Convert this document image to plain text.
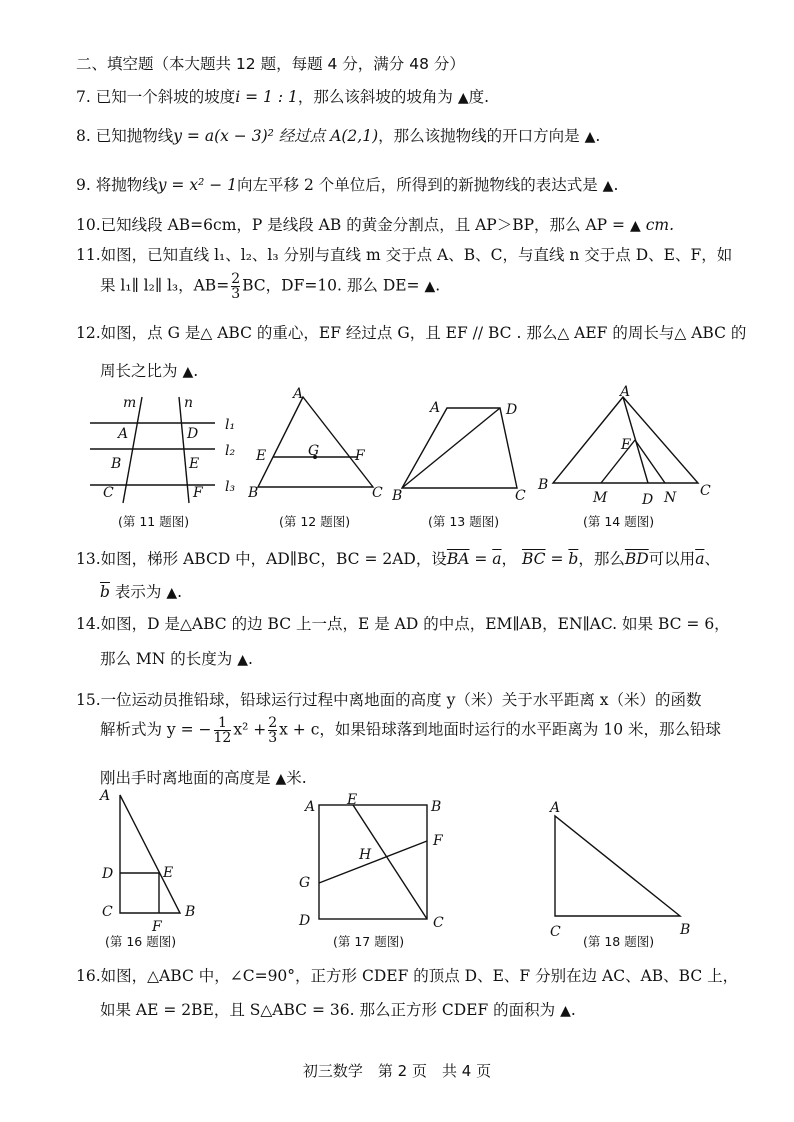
二、填空题（本大题共 12 题，每题 4 分，满分 48 分）
7. 已知一个斜坡的坡度i = 1 : 1，那么该斜坡的坡角为 ▲度.
8. 已知抛物线y = a(x − 3)² 经过点 A(2,1)，那么该抛物线的开口方向是 ▲.
9. 将抛物线y = x² − 1向左平移 2 个单位后，所得到的新抛物线的表达式是 ▲.
10.已知线段 AB=6cm，P 是线段 AB 的黄金分割点，且 AP＞BP，那么 AP = ▲ cm.
11.如图，已知直线 l₁、l₂、l₃ 分别与直线 m 交于点 A、B、C，与直线 n 交于点 D、E、F，如
果 l₁∥ l₂∥ l₃，$AB= \frac{2}{3}$ BC，DF=10. 那么 DE= ▲.
12.如图，点 G 是△ ABC 的重心，EF 经过点 G，且 EF // BC . 那么△ AEF 的周长与△ ABC 的
周长之比为 ▲.
m	n
l₁
l₂
l₃
A
B
C
D
E
F
(第 11 题图)
A
B	C
E	F
G
(第 12 题图)
A	D
B	C
(第 13 题图)
A
B	C
E
M D N
(第 14 题图)
13.如图，梯形 ABCD 中，AD∥BC，BC = 2AD，设$\overline{BA} = \overline{a}$， $\overline{BC} = \overline{b}$，那么$\overline{BD}$可以用$\overline{a}$、
$\overline{b}$ 表示为 ▲.
14.如图，D 是△ABC 的边 BC 上一点，E 是 AD 的中点，EM∥AB，EN∥AC. 如果 BC = 6，
那么 MN 的长度为 ▲.
15.一位运动员推铅球，铅球运行过程中离地面的高度 y（米）关于水平距离 x（米）的函数
解析式为 y = − $\frac{1}{12} x^2 + \frac{2}{3}$ x + c，如果铅球落到地面时运行的水平距离为 10 米，那么铅球
刚出手时离地面的高度是 ▲米.
A
D	E
C
F
B
(第 16 题图)
A E	B
F
H
G
D	C
(第 17 题图)
A
C	B
(第 18 题图)
16.如图，△ABC 中，∠C=90°，正方形 CDEF 的顶点 D、E、F 分别在边 AC、AB、BC 上，
如果 AE = 2BE，且 S△ABC = 36. 那么正方形 CDEF 的面积为 ▲.
初三数学　第 2 页　共 4 页
